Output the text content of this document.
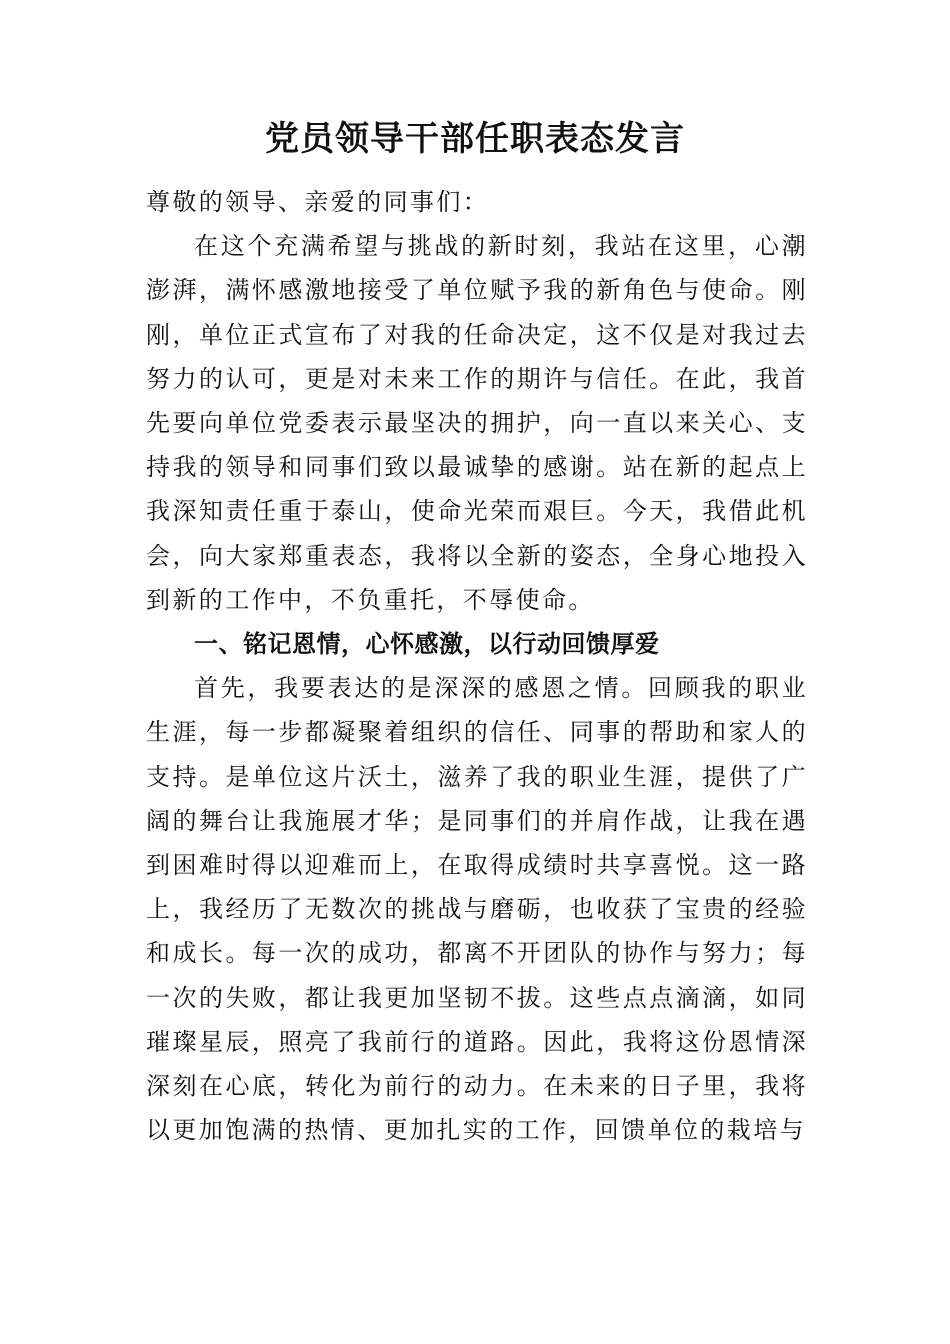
党员领导干部任职表态发言

尊敬的领导、亲爱的同事们：

在这个充满希望与挑战的新时刻，我站在这里，心潮澎湃，满怀感激地接受了单位赋予我的新角色与使命。刚刚，单位正式宣布了对我的任命决定，这不仅是对我过去努力的认可，更是对未来工作的期许与信任。在此，我首先要向单位党委表示最坚决的拥护，向一直以来关心、支持我的领导和同事们致以最诚挚的感谢。站在新的起点上我深知责任重于泰山，使命光荣而艰巨。今天，我借此机会，向大家郑重表态，我将以全新的姿态，全身心地投入到新的工作中，不负重托，不辱使命。

一、铭记恩情，心怀感激，以行动回馈厚爱

首先，我要表达的是深深的感恩之情。回顾我的职业生涯，每一步都凝聚着组织的信任、同事的帮助和家人的支持。是单位这片沃土，滋养了我的职业生涯，提供了广阔的舞台让我施展才华；是同事们的并肩作战，让我在遇到困难时得以迎难而上，在取得成绩时共享喜悦。这一路上，我经历了无数次的挑战与磨砺，也收获了宝贵的经验和成长。每一次的成功，都离不开团队的协作与努力；每一次的失败，都让我更加坚韧不拔。这些点点滴滴，如同璀璨星辰，照亮了我前行的道路。因此，我将这份恩情深深刻在心底，转化为前行的动力。在未来的日子里，我将以更加饱满的热情、更加扎实的工作，回馈单位的栽培与
